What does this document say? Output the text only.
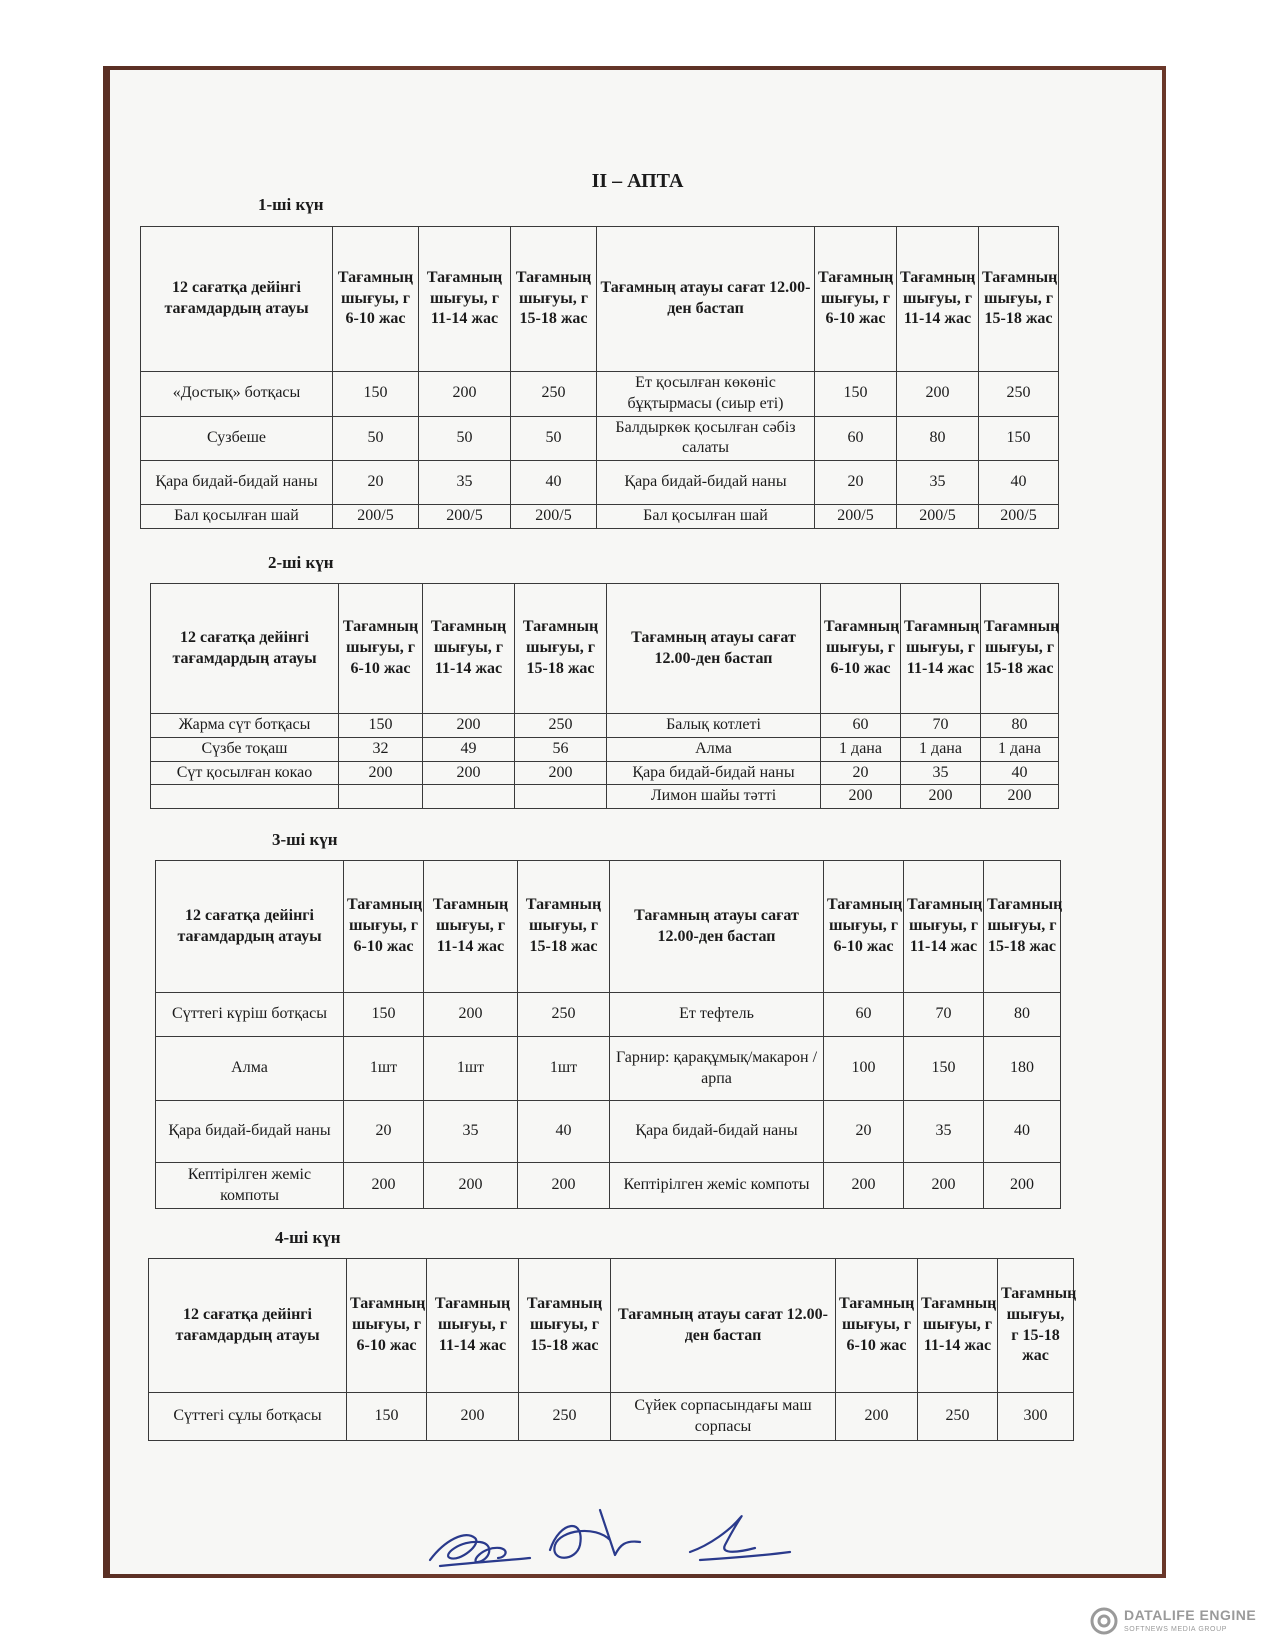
II – АПТА
1-ші күн
12 сағатқа дейінгі тағамдардың атауы	Тағамның шығуы, г 6-10 жас	Тағамның шығуы, г 11-14 жас	Тағамның шығуы, г 15-18 жас	Тағамның атауы сағат 12.00-ден бастап	Тағамның шығуы, г 6-10 жас	Тағамның шығуы, г 11-14 жас	Тағамның шығуы, г 15-18 жас
«Достық» ботқасы	150	200	250	Ет қосылған көкөніс бұқтырмасы (сиыр еті)	150	200	250
Сузбеше	50	50	50	Балдыркөк қосылған сәбіз салаты	60	80	150
Қара бидай-бидай наны	20	35	40	Қара бидай-бидай наны	20	35	40
Бал қосылған шай	200/5	200/5	200/5	Бал қосылған шай	200/5	200/5	200/5
2-ші күн
12 сағатқа дейінгі тағамдардың атауы	Тағамның шығуы, г 6-10 жас	Тағамның шығуы, г 11-14 жас	Тағамның шығуы, г 15-18 жас	Тағамның атауы сағат 12.00-ден бастап	Тағамның шығуы, г 6-10 жас	Тағамның шығуы, г 11-14 жас	Тағамның шығуы, г 15-18 жас
Жарма сүт ботқасы	150	200	250	Балық котлеті	60	70	80
Сүзбе тоқаш	32	49	56	Алма	1 дана	1 дана	1 дана
Сүт қосылған кокао	200	200	200	Қара бидай-бидай наны	20	35	40
				Лимон шайы тәтті	200	200	200
3-ші күн
12 сағатқа дейінгі тағамдардың атауы	Тағамның шығуы, г 6-10 жас	Тағамның шығуы, г 11-14 жас	Тағамның шығуы, г 15-18 жас	Тағамның атауы сағат 12.00-ден бастап	Тағамның шығуы, г 6-10 жас	Тағамның шығуы, г 11-14 жас	Тағамның шығуы, г 15-18 жас
Сүттегі күріш ботқасы	150	200	250	Ет тефтель	60	70	80
Алма	1шт	1шт	1шт	Гарнир: қарақұмық/макарон / арпа	100	150	180
Қара бидай-бидай наны	20	35	40	Қара бидай-бидай наны	20	35	40
Кептірілген жеміс компоты	200	200	200	Кептірілген жеміс компоты	200	200	200
4-ші күн
12 сағатқа дейінгі тағамдардың атауы	Тағамның шығуы, г 6-10 жас	Тағамның шығуы, г 11-14 жас	Тағамның шығуы, г 15-18 жас	Тағамның атауы сағат 12.00-ден бастап	Тағамның шығуы, г 6-10 жас	Тағамның шығуы, г 11-14 жас	Тағамның шығуы, г 15-18 жас
Сүттегі сұлы ботқасы	150	200	250	Сүйек сорпасындағы маш сорпасы	200	250	300
DATALIFE ENGINE
SOFTNEWS MEDIA GROUP
